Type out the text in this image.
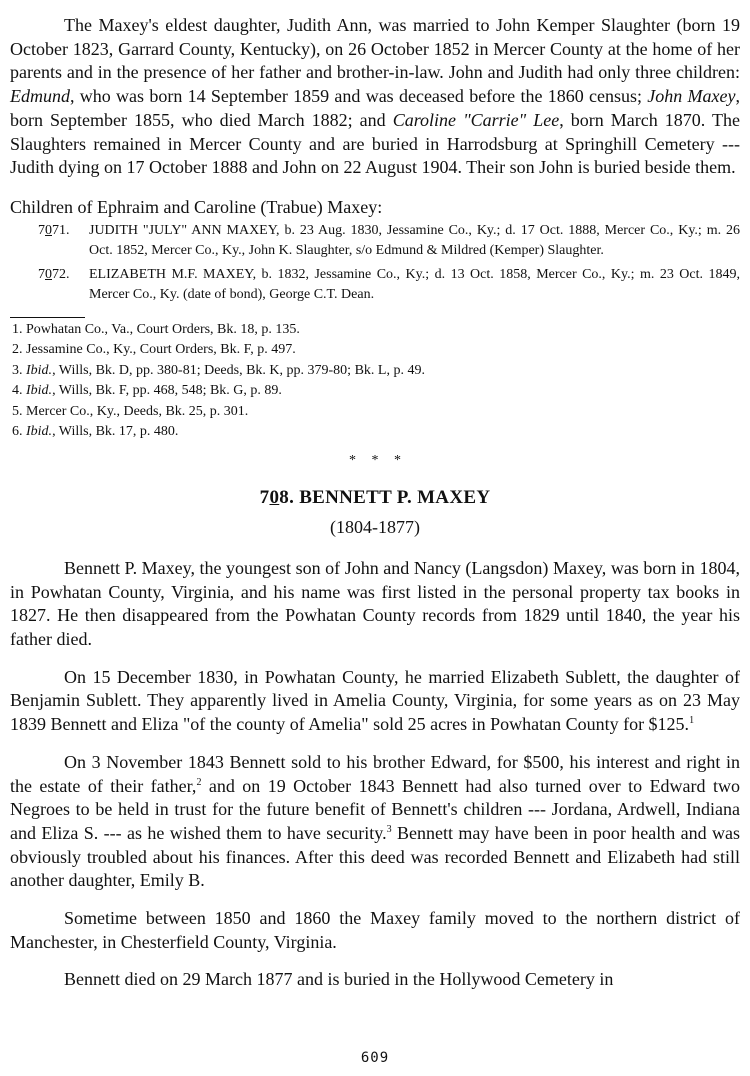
The Maxey's eldest daughter, Judith Ann, was married to John Kemper Slaughter (born 19 October 1823, Garrard County, Kentucky), on 26 October 1852 in Mercer County at the home of her parents and in the presence of her father and brother-in-law. John and Judith had only three children: Edmund, who was born 14 September 1859 and was deceased before the 1860 census; John Maxey, born September 1855, who died March 1882; and Caroline "Carrie" Lee, born March 1870. The Slaughters remained in Mercer County and are buried in Harrodsburg at Springhill Cemetery --- Judith dying on 17 October 1888 and John on 22 August 1904. Their son John is buried beside them.

Children of Ephraim and Caroline (Trabue) Maxey:
7071. JUDITH "JULY" ANN MAXEY, b. 23 Aug. 1830, Jessamine Co., Ky.; d. 17 Oct. 1888, Mercer Co., Ky.; m. 26 Oct. 1852, Mercer Co., Ky., John K. Slaughter, s/o Edmund & Mildred (Kemper) Slaughter.
7072. ELIZABETH M.F. MAXEY, b. 1832, Jessamine Co., Ky.; d. 13 Oct. 1858, Mercer Co., Ky.; m. 23 Oct. 1849, Mercer Co., Ky. (date of bond), George C.T. Dean.
1. Powhatan Co., Va., Court Orders, Bk. 18, p. 135.
2. Jessamine Co., Ky., Court Orders, Bk. F, p. 497.
3. Ibid., Wills, Bk. D, pp. 380-81; Deeds, Bk. K, pp. 379-80; Bk. L, p. 49.
4. Ibid., Wills, Bk. F, pp. 468, 548; Bk. G, p. 89.
5. Mercer Co., Ky., Deeds, Bk. 25, p. 301.
6. Ibid., Wills, Bk. 17, p. 480.
* * *
708. BENNETT P. MAXEY
(1804-1877)

Bennett P. Maxey, the youngest son of John and Nancy (Langsdon) Maxey, was born in 1804, in Powhatan County, Virginia, and his name was first listed in the personal property tax books in 1827. He then disappeared from the Powhatan County records from 1829 until 1840, the year his father died.

On 15 December 1830, in Powhatan County, he married Elizabeth Sublett, the daughter of Benjamin Sublett. They apparently lived in Amelia County, Virginia, for some years as on 23 May 1839 Bennett and Eliza "of the county of Amelia" sold 25 acres in Powhatan County for $125.$^1$

On 3 November 1843 Bennett sold to his brother Edward, for $500, his interest and right in the estate of their father,$^2$ and on 19 October 1843 Bennett had also turned over to Edward two Negroes to be held in trust for the future benefit of Bennett's children --- Jordana, Ardwell, Indiana and Eliza S. --- as he wished them to have security.$^3$ Bennett may have been in poor health and was obviously troubled about his finances. After this deed was recorded Bennett and Elizabeth had still another daughter, Emily B.

Sometime between 1850 and 1860 the Maxey family moved to the northern district of Manchester, in Chesterfield County, Virginia.

Bennett died on 29 March 1877 and is buried in the Hollywood Cemetery in

609
